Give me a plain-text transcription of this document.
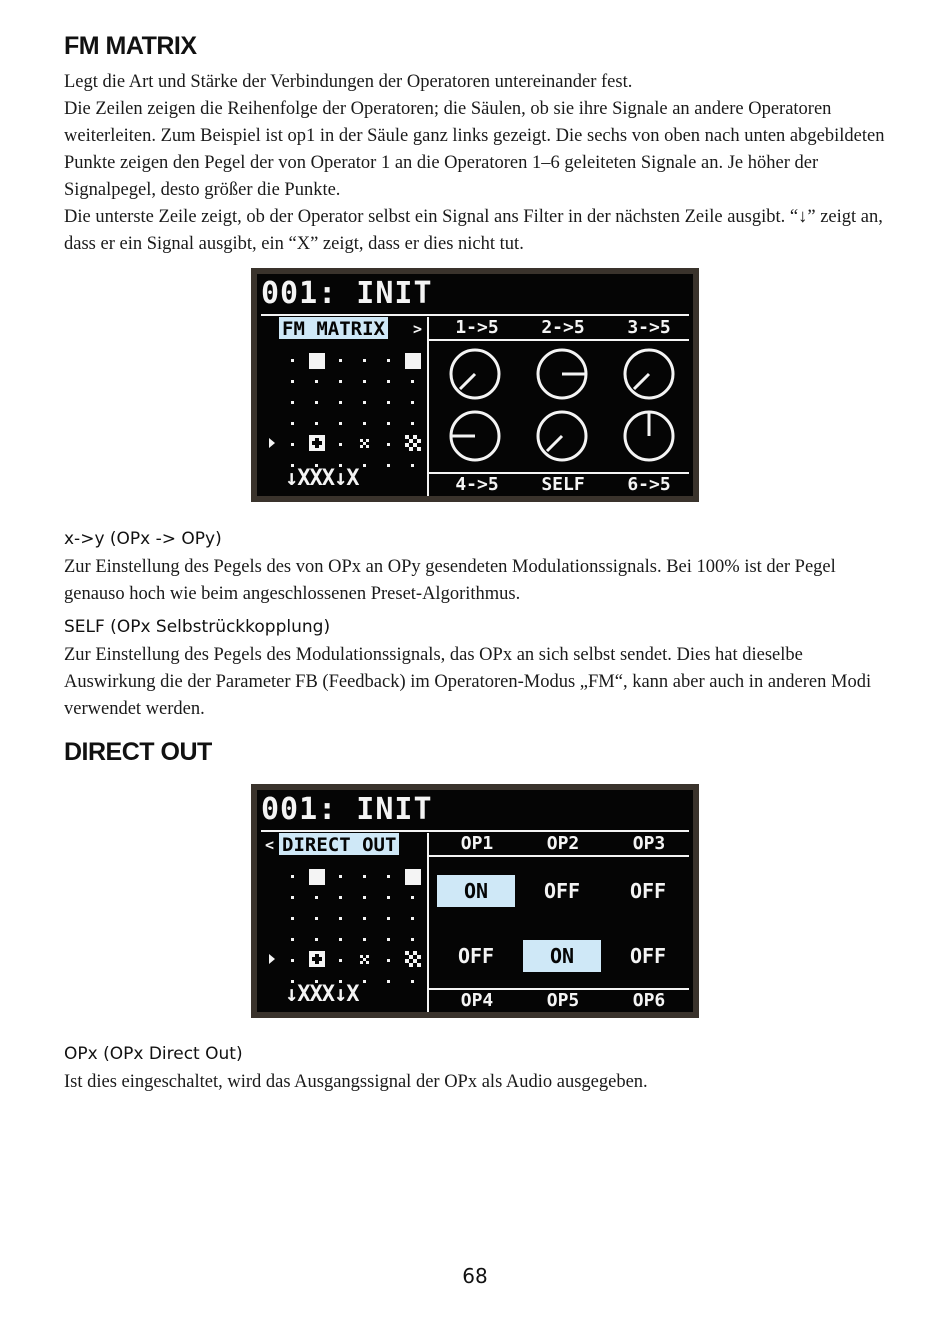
FM MATRIX

Legt die Art und Stärke der Verbindungen der Operatoren untereinander fest.

Die Zeilen zeigen die Reihenfolge der Operatoren; die Säulen, ob sie ihre Signale an andere Operatoren weiterleiten. Zum Beispiel ist op1 in der Säule ganz links gezeigt. Die sechs von oben nach unten abgebildeten Punkte zeigen den Pegel der von Operator 1 an die Operatoren 1–6 geleiteten Signale an. Je höher der Signalpegel, desto größer die Punkte.

Die unterste Zeile zeigt, ob der Operator selbst ein Signal ans Filter in der nächsten Zeile ausgibt. “↓” zeigt an, dass er ein Signal ausgibt, ein “X” zeigt, dass er dies nicht tut.

x->y (OPx -> OPy)

Zur Einstellung des Pegels des von OPx an OPy gesendeten Modulationssignals. Bei 100% ist der Pegel genauso hoch wie beim angeschlossenen Preset-Algorithmus.

SELF (OPx Selbstrückkopplung)

Zur Einstellung des Pegels des Modulationssignals, das OPx an sich selbst sendet. Dies hat dieselbe Auswirkung die der Parameter FB (Feedback) im Operatoren-Modus „FM“, kann aber auch in anderen Modi verwendet werden.

DIRECT OUT
OPx (OPx Direct Out)

Ist dies eingeschaltet, wird das Ausgangssignal der OPx als Audio ausgegeben.

68
001: INIT
FM MATRIX >	1->5	2->5	3->5
↓XXX↓X	4->5	SELF	6->5
001: INIT
< DIRECT OUT	OP1	OP2	OP3
↓XXX↓X
ON	OFF	OFF
OFF	ON	OFF
OP4	OP5	OP6
